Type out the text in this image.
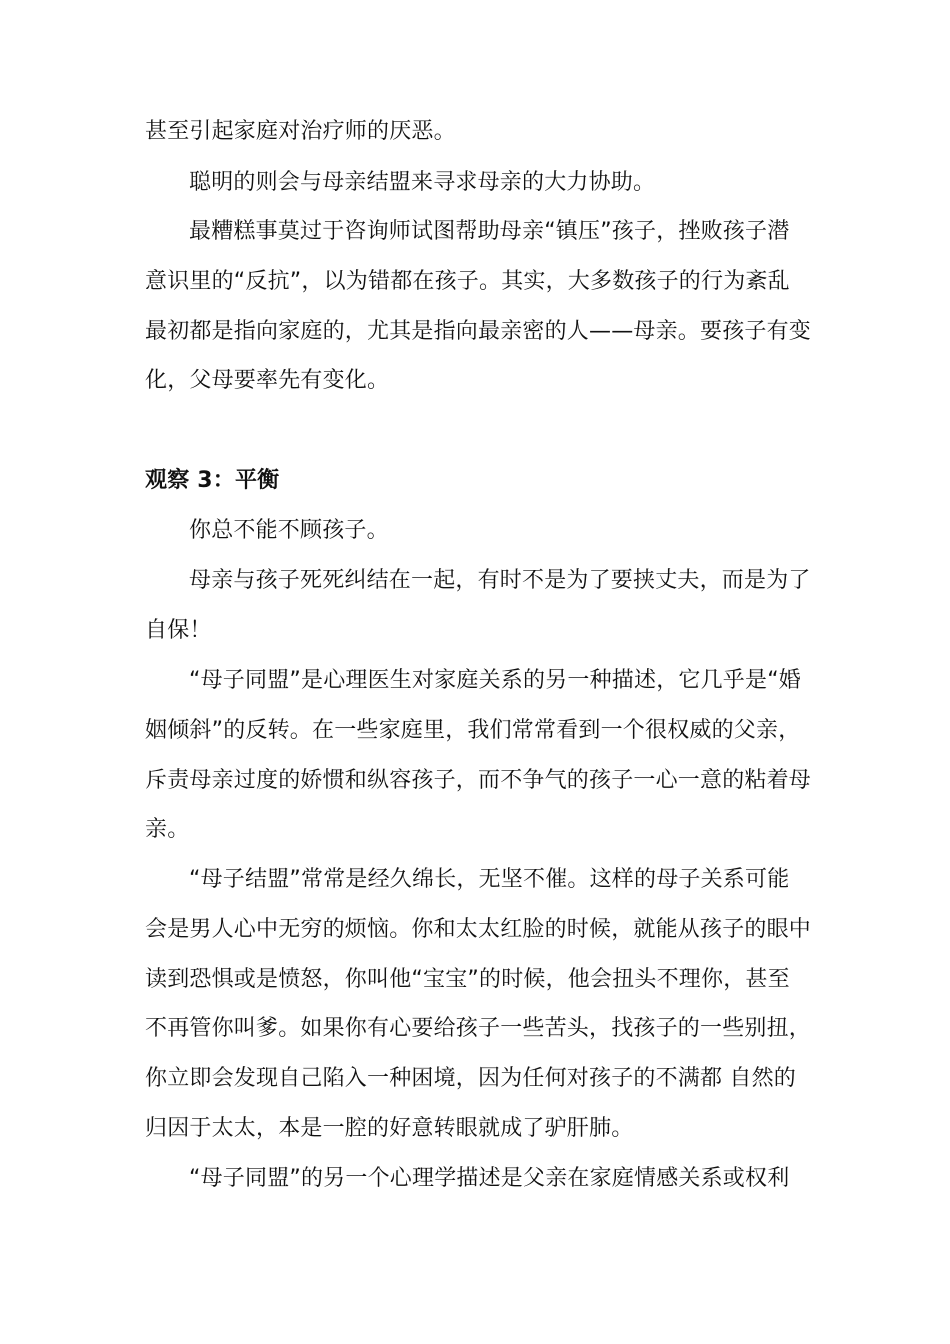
甚至引起家庭对治疗师的厌恶。
聪明的则会与母亲结盟来寻求母亲的大力协助。
最糟糕事莫过于咨询师试图帮助母亲“镇压”孩子，挫败孩子潜
意识里的“反抗”，以为错都在孩子。其实，大多数孩子的行为紊乱
最初都是指向家庭的，尤其是指向最亲密的人——母亲。要孩子有变
化，父母要率先有变化。
观察 3：平衡
你总不能不顾孩子。
母亲与孩子死死纠结在一起，有时不是为了要挟丈夫，而是为了
自保！
“母子同盟”是心理医生对家庭关系的另一种描述，它几乎是“婚
姻倾斜”的反转。在一些家庭里，我们常常看到一个很权威的父亲，
斥责母亲过度的娇惯和纵容孩子，而不争气的孩子一心一意的粘着母
亲。
“母子结盟”常常是经久绵长，无坚不催。这样的母子关系可能
会是男人心中无穷的烦恼。你和太太红脸的时候，就能从孩子的眼中
读到恐惧或是愤怒，你叫他“宝宝”的时候，他会扭头不理你，甚至
不再管你叫爹。如果你有心要给孩子一些苦头，找孩子的一些别扭，
你立即会发现自己陷入一种困境，因为任何对孩子的不满都 自然的
归因于太太，本是一腔的好意转眼就成了驴肝肺。
“母子同盟”的另一个心理学描述是父亲在家庭情感关系或权利
